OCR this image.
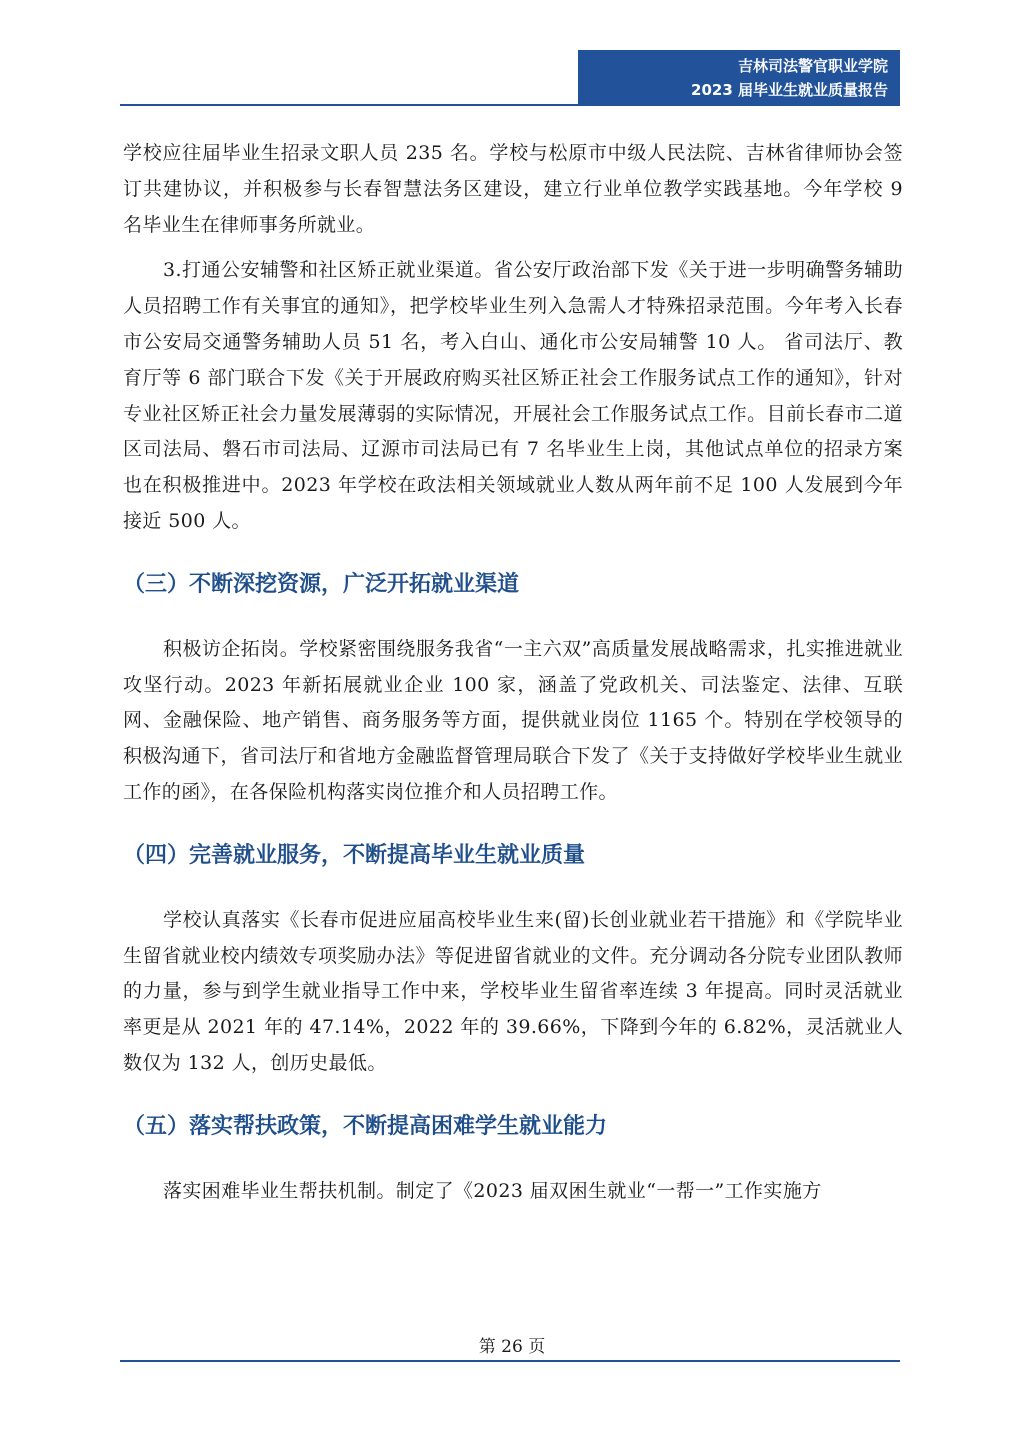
吉林司法警官职业学院
2023 届毕业生就业质量报告

学校应往届毕业生招录文职人员 235 名。学校与松原市中级人民法院、吉林省律师协会签订共建协议，并积极参与长春智慧法务区建设，建立行业单位教学实践基地。今年学校 9 名毕业生在律师事务所就业。

3.打通公安辅警和社区矫正就业渠道。省公安厅政治部下发《关于进一步明确警务辅助人员招聘工作有关事宜的通知》，把学校毕业生列入急需人才特殊招录范围。今年考入长春市公安局交通警务辅助人员 51 名，考入白山、通化市公安局辅警 10 人。 省司法厅、教育厅等 6 部门联合下发《关于开展政府购买社区矫正社会工作服务试点工作的通知》，针对专业社区矫正社会力量发展薄弱的实际情况，开展社会工作服务试点工作。目前长春市二道区司法局、磐石市司法局、辽源市司法局已有 7 名毕业生上岗，其他试点单位的招录方案也在积极推进中。2023 年学校在政法相关领域就业人数从两年前不足 100 人发展到今年接近 500 人。

（三）不断深挖资源，广泛开拓就业渠道

积极访企拓岗。学校紧密围绕服务我省“一主六双”高质量发展战略需求，扎实推进就业攻坚行动。2023 年新拓展就业企业 100 家，涵盖了党政机关、司法鉴定、法律、互联网、金融保险、地产销售、商务服务等方面，提供就业岗位 1165 个。特别在学校领导的积极沟通下，省司法厅和省地方金融监督管理局联合下发了《关于支持做好学校毕业生就业工作的函》，在各保险机构落实岗位推介和人员招聘工作。

（四）完善就业服务，不断提高毕业生就业质量

学校认真落实《长春市促进应届高校毕业生来(留)长创业就业若干措施》和《学院毕业生留省就业校内绩效专项奖励办法》等促进留省就业的文件。充分调动各分院专业团队教师的力量，参与到学生就业指导工作中来，学校毕业生留省率连续 3 年提高。同时灵活就业率更是从 2021 年的 47.14%，2022 年的 39.66%，下降到今年的 6.82%，灵活就业人数仅为 132 人，创历史最低。

（五）落实帮扶政策，不断提高困难学生就业能力

落实困难毕业生帮扶机制。制定了《2023 届双困生就业“一帮一”工作实施方

第 26 页
